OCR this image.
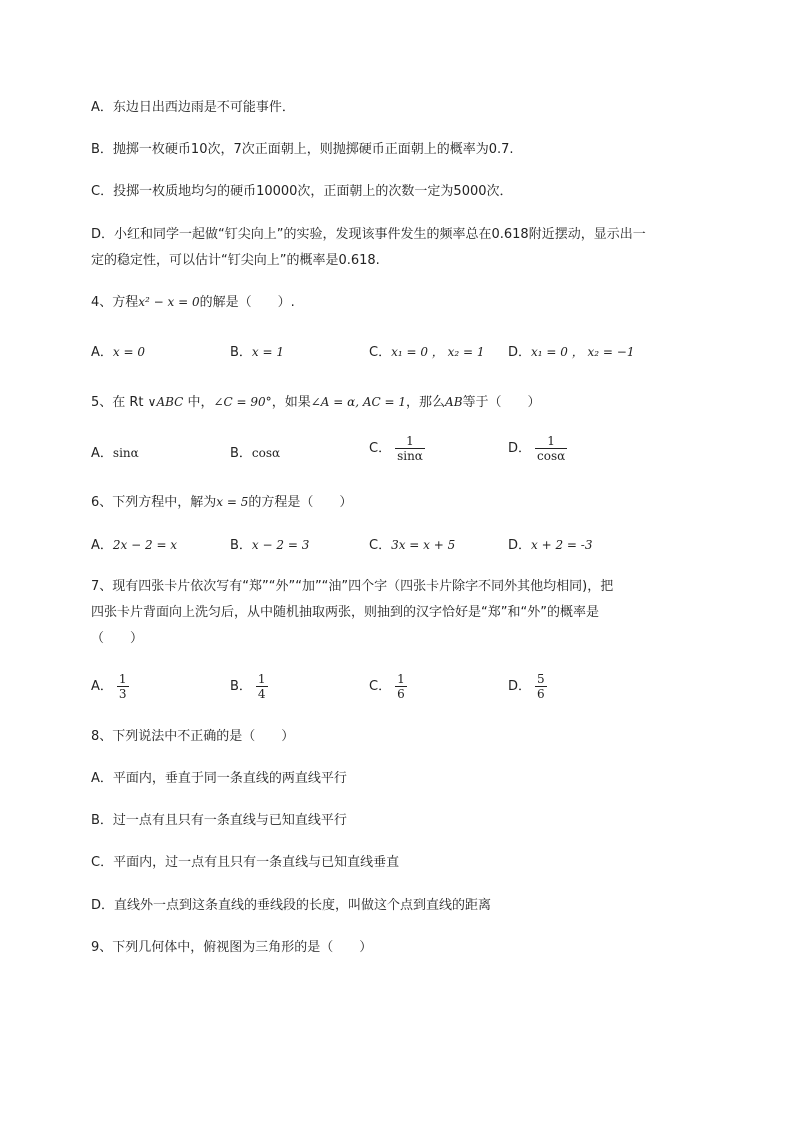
A．东边日出西边雨是不可能事件．
B．抛掷一枚硬币10次，7次正面朝上，则抛掷硬币正面朝上的概率为0.7.
C．投掷一枚质地均匀的硬币10000次，正面朝上的次数一定为5000次．
D．小红和同学一起做“钉尖向上”的实验，发现该事件发生的频率总在0.618附近摆动，显示出一
定的稳定性，可以估计“钉尖向上”的概率是0.618.
4、方程x² − x = 0的解是（　　）.
A．x = 0	B．x = 1	C．x₁ = 0 ， x₂ = 1 D．x₁ = 0 ， x₂ = −1
5、在 Rt ∨ABC 中，∠C = 90°，如果∠A = α, AC = 1，那么AB等于（　　）
A．sinα	B．cosα	C． $\frac{1}{\sin\alpha}$	D． $\frac{1}{\cos\alpha}$
6、下列方程中，解为x = 5的方程是（　　）
A．2x − 2 = x	B．x − 2 = 3	C．3x = x + 5	D．x + 2 = -3
7、现有四张卡片依次写有“郑”“外”“加”“油”四个字（四张卡片除字不同外其他均相同)，把
四张卡片背面向上洗匀后，从中随机抽取两张，则抽到的汉字恰好是“郑”和“外”的概率是
（　　）
A． $\frac{1}{3}$	B． $\frac{1}{4}$	C． $\frac{1}{6}$	D． $\frac{5}{6}$
8、下列说法中不正确的是（　　）
A．平面内，垂直于同一条直线的两直线平行
B．过一点有且只有一条直线与已知直线平行
C．平面内，过一点有且只有一条直线与已知直线垂直
D．直线外一点到这条直线的垂线段的长度，叫做这个点到直线的距离
9、下列几何体中，俯视图为三角形的是（　　）
